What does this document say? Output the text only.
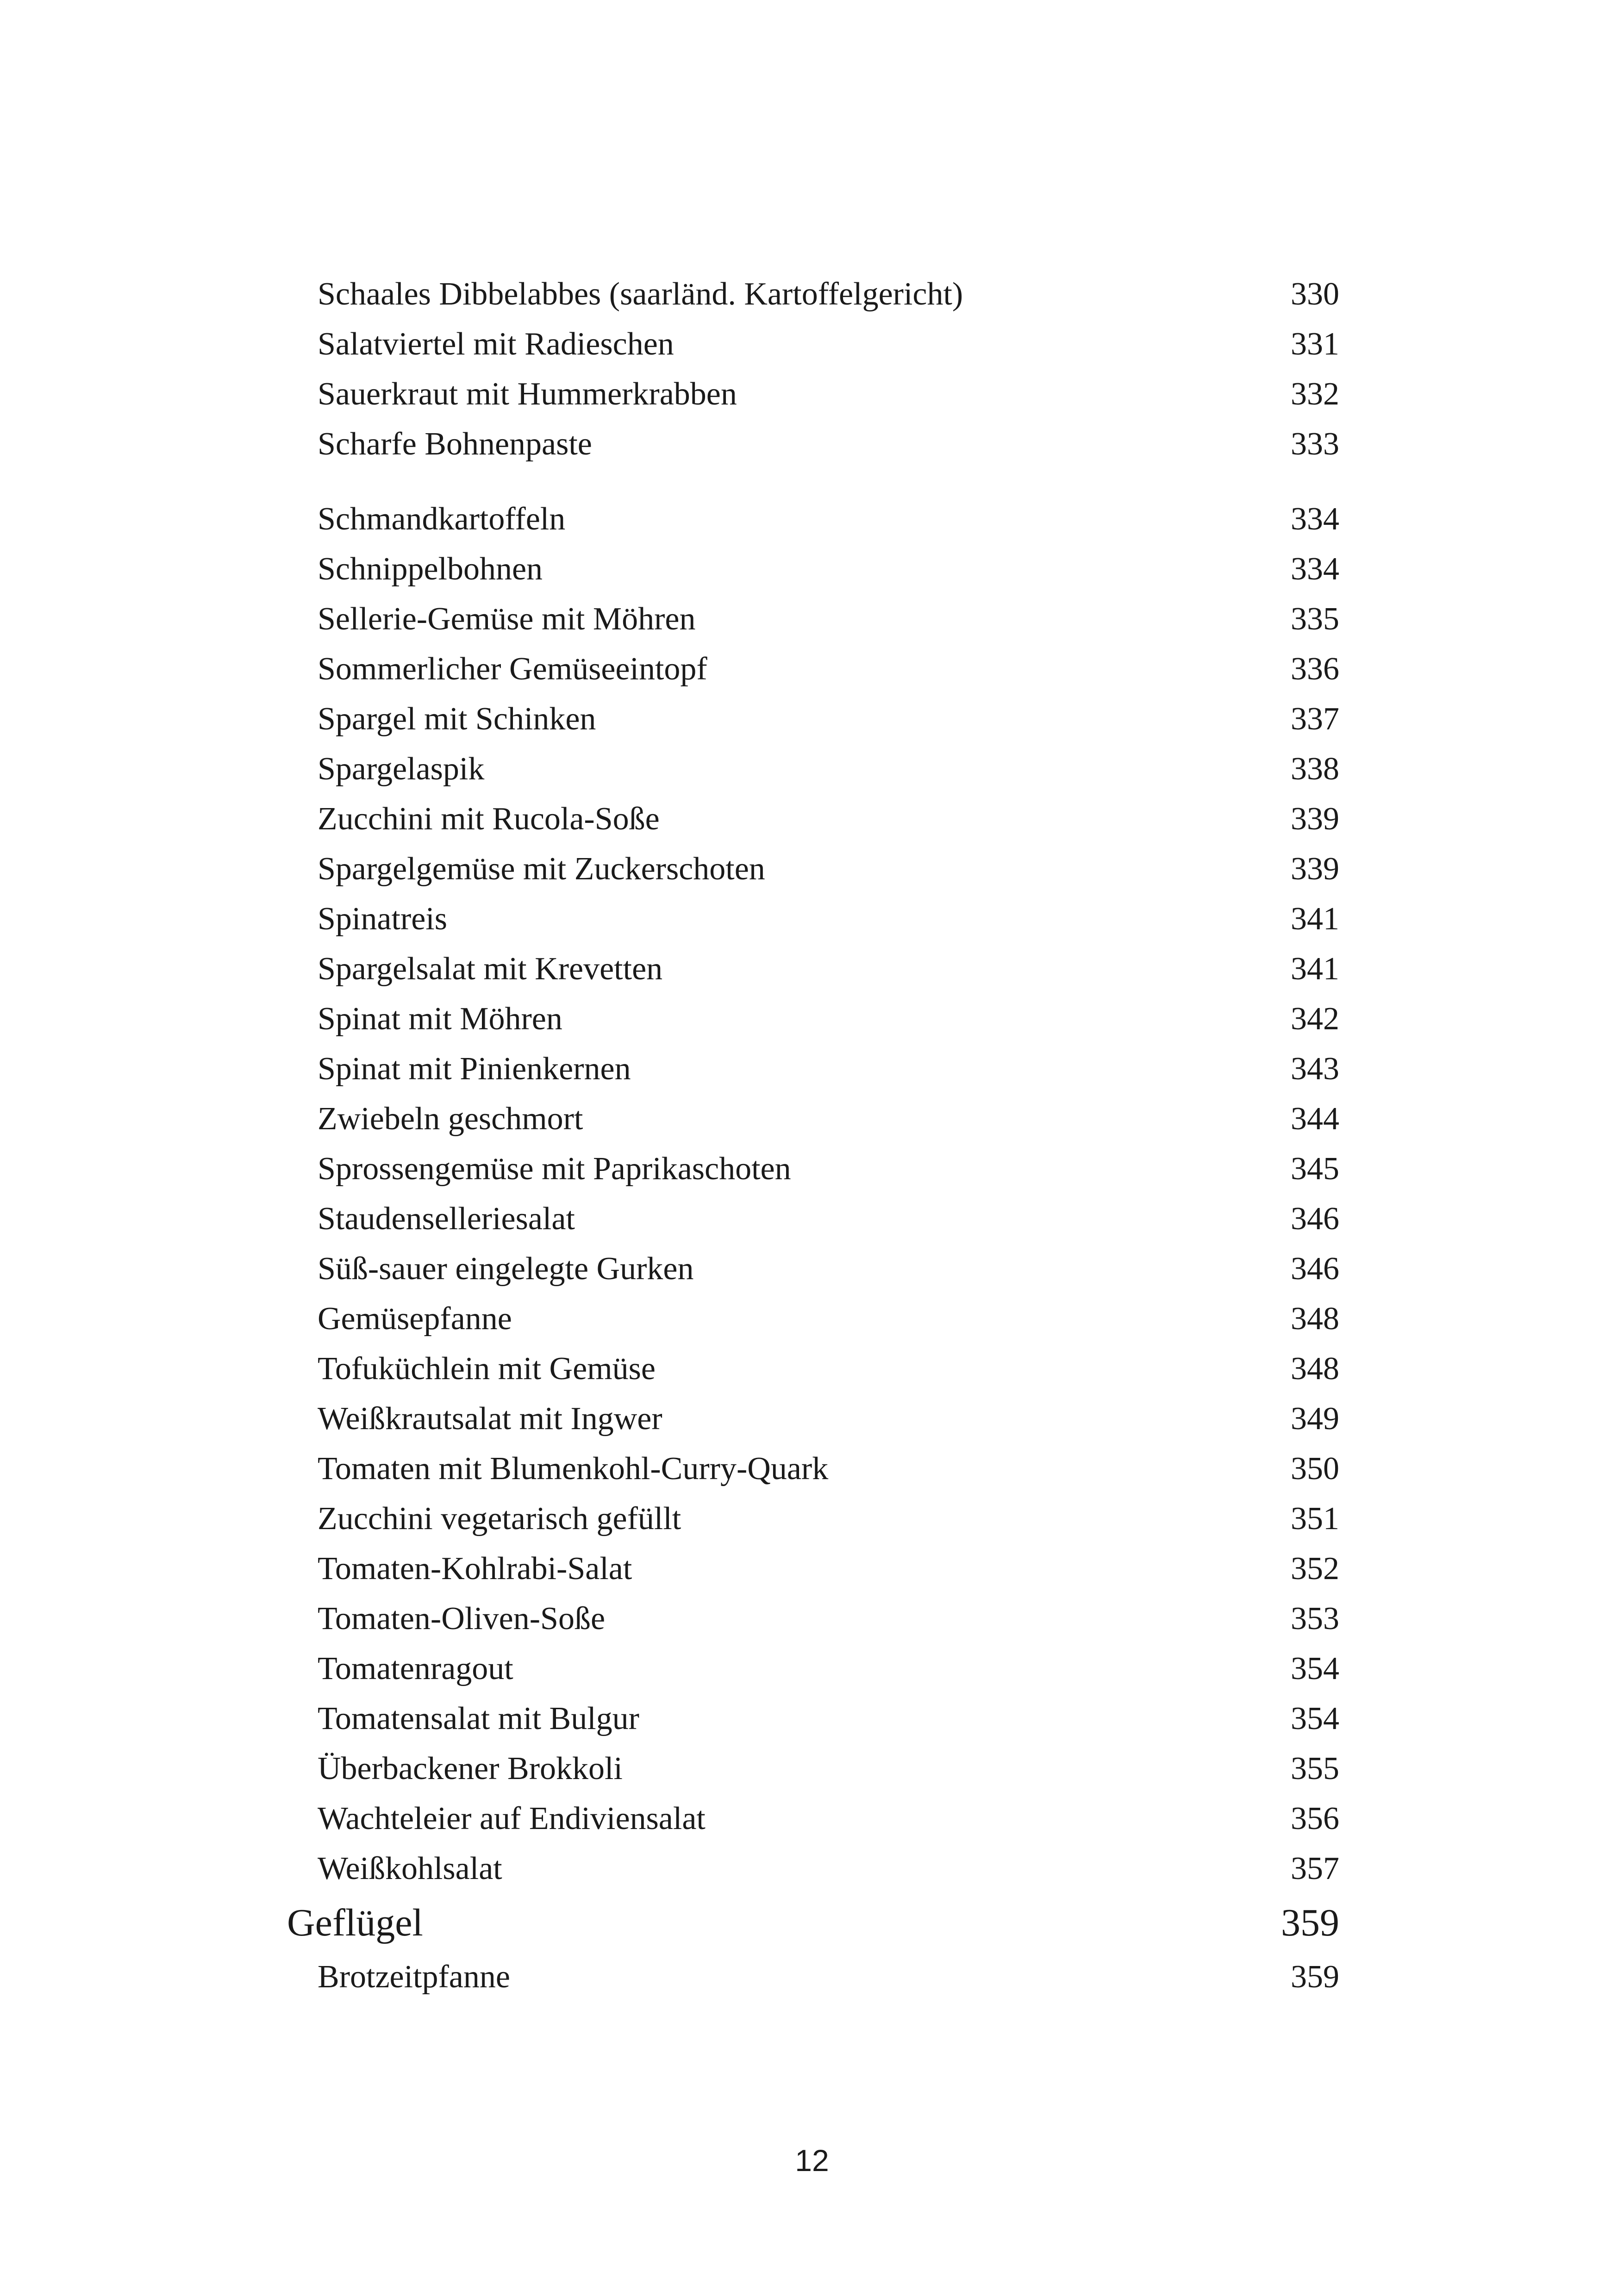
Schaales Dibbelabbes (saarländ. Kartoffelgericht)	330
Salatviertel mit Radieschen	331
Sauerkraut mit Hummerkrabben	332
Scharfe Bohnenpaste	333
Schmandkartoffeln	334
Schnippelbohnen	334
Sellerie-Gemüse mit Möhren	335
Sommerlicher Gemüseeintopf	336
Spargel mit Schinken	337
Spargelaspik	338
Zucchini mit Rucola-Soße	339
Spargelgemüse mit Zuckerschoten	339
Spinatreis	341
Spargelsalat mit Krevetten	341
Spinat mit Möhren	342
Spinat mit Pinienkernen	343
Zwiebeln geschmort	344
Sprossengemüse mit Paprikaschoten	345
Staudenselleriesalat	346
Süß-sauer eingelegte Gurken	346
Gemüsepfanne	348
Tofuküchlein mit Gemüse	348
Weißkrautsalat mit Ingwer	349
Tomaten mit Blumenkohl-Curry-Quark	350
Zucchini vegetarisch gefüllt	351
Tomaten-Kohlrabi-Salat	352
Tomaten-Oliven-Soße	353
Tomatenragout	354
Tomatensalat mit Bulgur	354
Überbackener Brokkoli	355
Wachteleier auf Endiviensalat	356
Weißkohlsalat	357
Geflügel	359
Brotzeitpfanne	359
12
